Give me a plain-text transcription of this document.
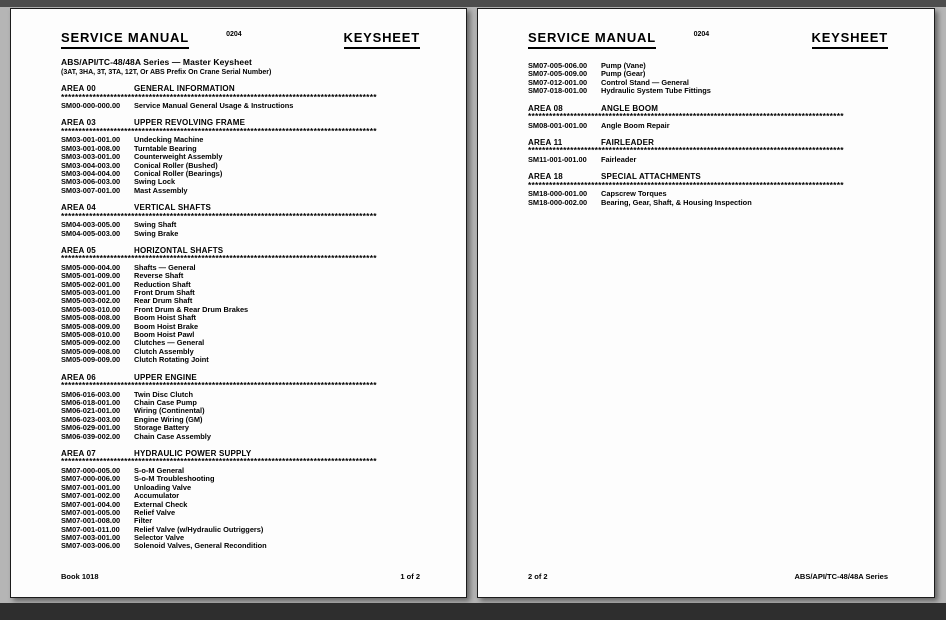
SERVICE MANUAL	0204	KEYSHEET
ABS/API/TC-48/48A Series — Master Keysheet
(3AT, 3HA, 3T, 3TA, 12T, Or ABS Prefix On Crane Serial Number)
AREA 00	GENERAL INFORMATION
******************************************************************************************
SM00-000-000.00	Service Manual General Usage & Instructions
AREA 03	UPPER REVOLVING FRAME
******************************************************************************************
SM03-001-001.00	Undecking Machine
SM03-001-008.00	Turntable Bearing
SM03-003-001.00	Counterweight Assembly
SM03-004-003.00	Conical Roller (Bushed)
SM03-004-004.00	Conical Roller (Bearings)
SM03-006-003.00	Swing Lock
SM03-007-001.00	Mast Assembly
AREA 04	VERTICAL SHAFTS
******************************************************************************************
SM04-003-005.00	Swing Shaft
SM04-005-003.00	Swing Brake
AREA 05	HORIZONTAL SHAFTS
******************************************************************************************
SM05-000-004.00	Shafts — General
SM05-001-009.00	Reverse Shaft
SM05-002-001.00	Reduction Shaft
SM05-003-001.00	Front Drum Shaft
SM05-003-002.00	Rear Drum Shaft
SM05-003-010.00	Front Drum & Rear Drum Brakes
SM05-008-008.00	Boom Hoist Shaft
SM05-008-009.00	Boom Hoist Brake
SM05-008-010.00	Boom Hoist Pawl
SM05-009-002.00	Clutches — General
SM05-009-008.00	Clutch Assembly
SM05-009-009.00	Clutch Rotating Joint
AREA 06	UPPER ENGINE
******************************************************************************************
SM06-016-003.00	Twin Disc Clutch
SM06-018-001.00	Chain Case Pump
SM06-021-001.00	Wiring (Continental)
SM06-023-003.00	Engine Wiring (GM)
SM06-029-001.00	Storage Battery
SM06-039-002.00	Chain Case Assembly
AREA 07	HYDRAULIC POWER SUPPLY
******************************************************************************************
SM07-000-005.00	S-o-M General
SM07-000-006.00	S-o-M Troubleshooting
SM07-001-001.00	Unloading Valve
SM07-001-002.00	Accumulator
SM07-001-004.00	External Check
SM07-001-005.00	Relief Valve
SM07-001-008.00	Filter
SM07-001-011.00	Relief Valve (w/Hydraulic Outriggers)
SM07-003-001.00	Selector Valve
SM07-003-006.00	Solenoid Valves, General Recondition
Book 1018	1 of 2
SERVICE MANUAL	0204	KEYSHEET
SM07-005-006.00	Pump (Vane)
SM07-005-009.00	Pump (Gear)
SM07-012-001.00	Control Stand — General
SM07-018-001.00	Hydraulic System Tube Fittings
AREA 08	ANGLE BOOM
******************************************************************************************
SM08-001-001.00	Angle Boom Repair
AREA 11	FAIRLEADER
******************************************************************************************
SM11-001-001.00	Fairleader
AREA 18	SPECIAL ATTACHMENTS
******************************************************************************************
SM18-000-001.00	Capscrew Torques
SM18-000-002.00	Bearing, Gear, Shaft, & Housing Inspection
2 of 2	ABS/API/TC-48/48A Series
